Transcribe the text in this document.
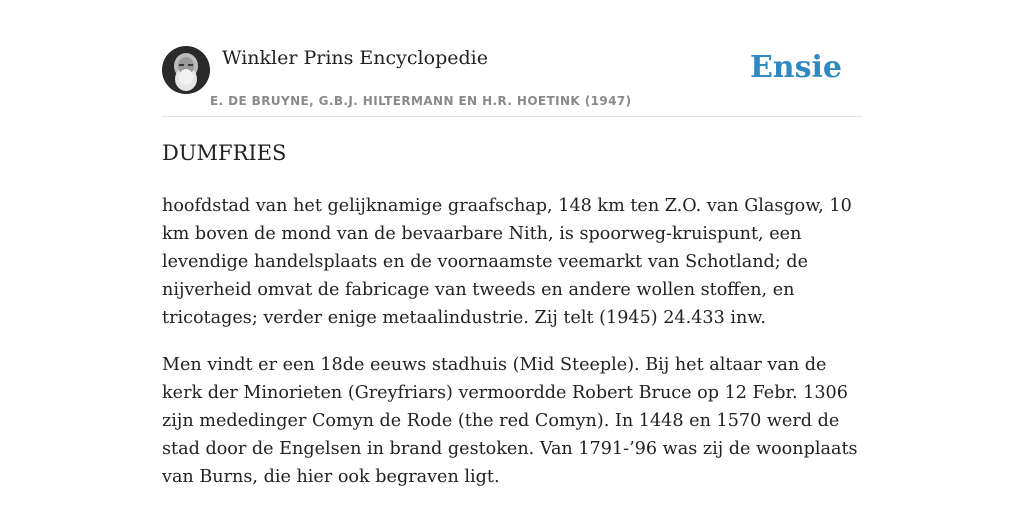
Winkler Prins Encyclopedie
E. DE BRUYNE, G.B.J. HILTERMANN EN H.R. HOETINK (1947)
Ensie
DUMFRIES

hoofdstad van het gelijknamige graafschap, 148 km ten Z.O. van Glasgow, 10 km boven de mond van de bevaarbare Nith, is spoorweg-kruispunt, een levendige handelsplaats en de voornaamste veemarkt van Schotland; de nijverheid omvat de fabricage van tweeds en andere wollen stoffen, en tricotages; verder enige metaalindustrie. Zij telt (1945) 24.433 inw.

Men vindt er een 18de eeuws stadhuis (Mid Steeple). Bij het altaar van de kerk der Minorieten (Greyfriars) vermoordde Robert Bruce op 12 Febr. 1306 zijn mededinger Comyn de Rode (the red Comyn). In 1448 en 1570 werd de stad door de Engelsen in brand gestoken. Van 1791-’96 was zij de woonplaats van Burns, die hier ook begraven ligt.
